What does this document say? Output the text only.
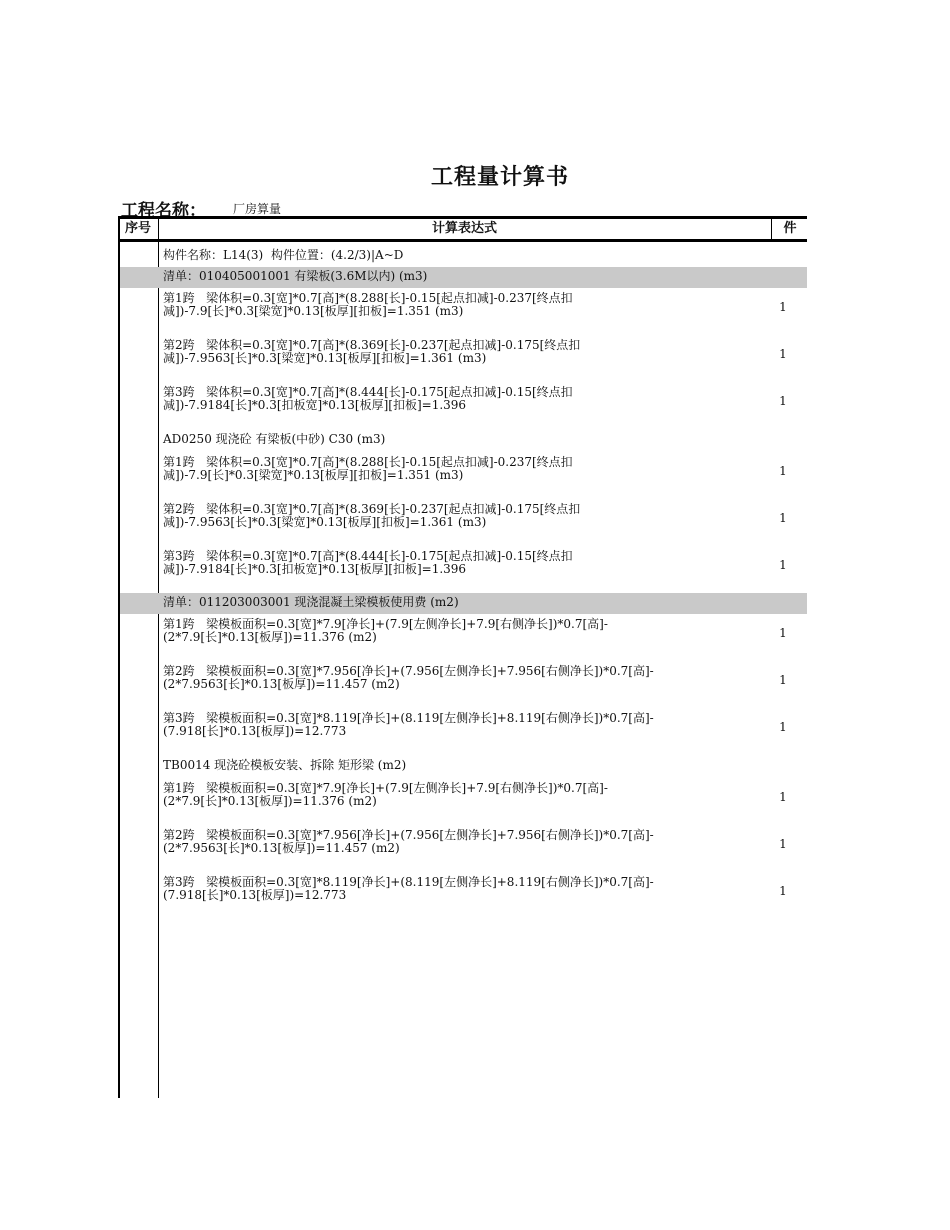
工程量计算书
工程名称： 厂房算量
序号	计算表达式	件
构件名称：L14(3)  构件位置：(4.2/3)|A~D
清单：010405001001 有梁板(3.6M以内) (m3)
第1跨   梁体积=0.3[宽]*0.7[高]*(8.288[长]-0.15[起点扣减]-0.237[终点扣
减])-7.9[长]*0.3[梁宽]*0.13[板厚][扣板]=1.351 (m3)	1
第2跨   梁体积=0.3[宽]*0.7[高]*(8.369[长]-0.237[起点扣减]-0.175[终点扣
减])-7.9563[长]*0.3[梁宽]*0.13[板厚][扣板]=1.361 (m3)	1
第3跨   梁体积=0.3[宽]*0.7[高]*(8.444[长]-0.175[起点扣减]-0.15[终点扣
减])-7.9184[长]*0.3[扣板宽]*0.13[板厚][扣板]=1.396	1
AD0250 现浇砼 有梁板(中砂) C30 (m3)
第1跨   梁体积=0.3[宽]*0.7[高]*(8.288[长]-0.15[起点扣减]-0.237[终点扣
减])-7.9[长]*0.3[梁宽]*0.13[板厚][扣板]=1.351 (m3)	1
第2跨   梁体积=0.3[宽]*0.7[高]*(8.369[长]-0.237[起点扣减]-0.175[终点扣
减])-7.9563[长]*0.3[梁宽]*0.13[板厚][扣板]=1.361 (m3)	1
第3跨   梁体积=0.3[宽]*0.7[高]*(8.444[长]-0.175[起点扣减]-0.15[终点扣
减])-7.9184[长]*0.3[扣板宽]*0.13[板厚][扣板]=1.396	1
清单：011203003001 现浇混凝土梁模板使用费 (m2)
第1跨   梁模板面积=0.3[宽]*7.9[净长]+(7.9[左侧净长]+7.9[右侧净长])*0.7[高]-
(2*7.9[长]*0.13[板厚])=11.376 (m2)	1
第2跨   梁模板面积=0.3[宽]*7.956[净长]+(7.956[左侧净长]+7.956[右侧净长])*0.7[高]-
(2*7.9563[长]*0.13[板厚])=11.457 (m2)	1
第3跨   梁模板面积=0.3[宽]*8.119[净长]+(8.119[左侧净长]+8.119[右侧净长])*0.7[高]-
(7.918[长]*0.13[板厚])=12.773	1
TB0014 现浇砼模板安装、拆除 矩形梁 (m2)
第1跨   梁模板面积=0.3[宽]*7.9[净长]+(7.9[左侧净长]+7.9[右侧净长])*0.7[高]-
(2*7.9[长]*0.13[板厚])=11.376 (m2)	1
第2跨   梁模板面积=0.3[宽]*7.956[净长]+(7.956[左侧净长]+7.956[右侧净长])*0.7[高]-
(2*7.9563[长]*0.13[板厚])=11.457 (m2)	1
第3跨   梁模板面积=0.3[宽]*8.119[净长]+(8.119[左侧净长]+8.119[右侧净长])*0.7[高]-
(7.918[长]*0.13[板厚])=12.773	1
